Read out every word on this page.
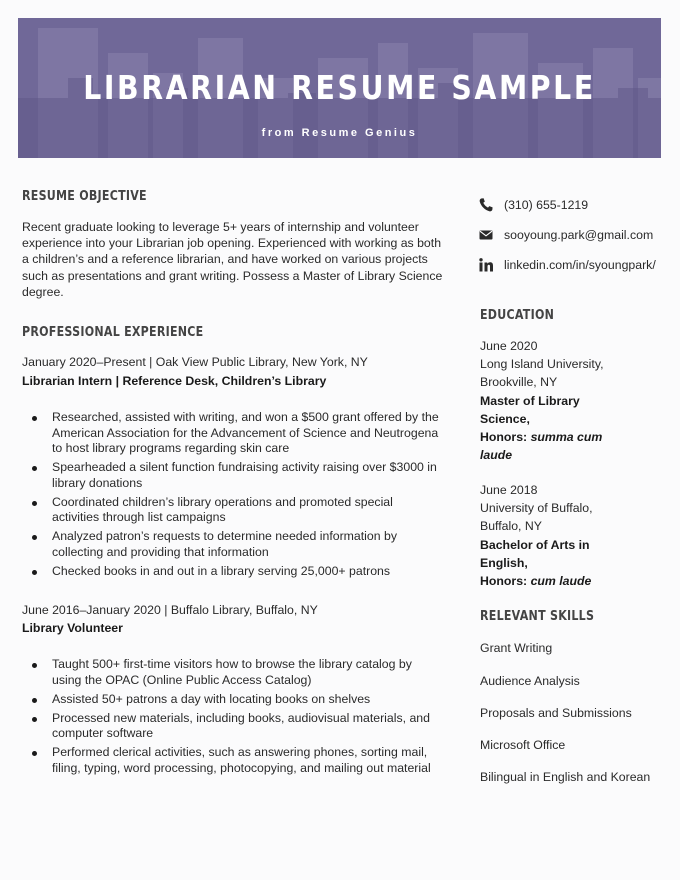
LIBRARIAN RESUME SAMPLE
from Resume Genius
RESUME OBJECTIVE
Recent graduate looking to leverage 5+ years of internship and volunteer
experience into your Librarian job opening. Experienced with working as both
a children’s and a reference librarian, and have worked on various projects
such as presentations and grant writing. Possess a Master of Library Science
degree.
PROFESSIONAL EXPERIENCE
January 2020–Present | Oak View Public Library, New York, NY
Librarian Intern | Reference Desk, Children’s Library
Researched, assisted with writing, and won a $500 grant offered by the American Association for the Advancement of Science and Neutrogena to host library programs regarding skin care
Spearheaded a silent function fundraising activity raising over $3000 in library donations
Coordinated children’s library operations and promoted special activities through list campaigns
Analyzed patron’s requests to determine needed information by collecting and providing that information
Checked books in and out in a library serving 25,000+ patrons
June 2016–January 2020 | Buffalo Library, Buffalo, NY
Library Volunteer
Taught 500+ first-time visitors how to browse the library catalog by using the OPAC (Online Public Access Catalog)
Assisted 50+ patrons a day with locating books on shelves
Processed new materials, including books, audiovisual materials, and computer software
Performed clerical activities, such as answering phones, sorting mail, filing, typing, word processing, photocopying, and mailing out material
(310) 655-1219
sooyoung.park@gmail.com
linkedin.com/in/syoungpark/
EDUCATION
June 2020
Long Island University,
Brookville, NY
Master of Library
Science,
Honors: summa cum
laude
June 2018
University of Buffalo,
Buffalo, NY
Bachelor of Arts in
English,
Honors: cum laude
RELEVANT SKILLS
Grant Writing
Audience Analysis
Proposals and Submissions
Microsoft Office
Bilingual in English and Korean
